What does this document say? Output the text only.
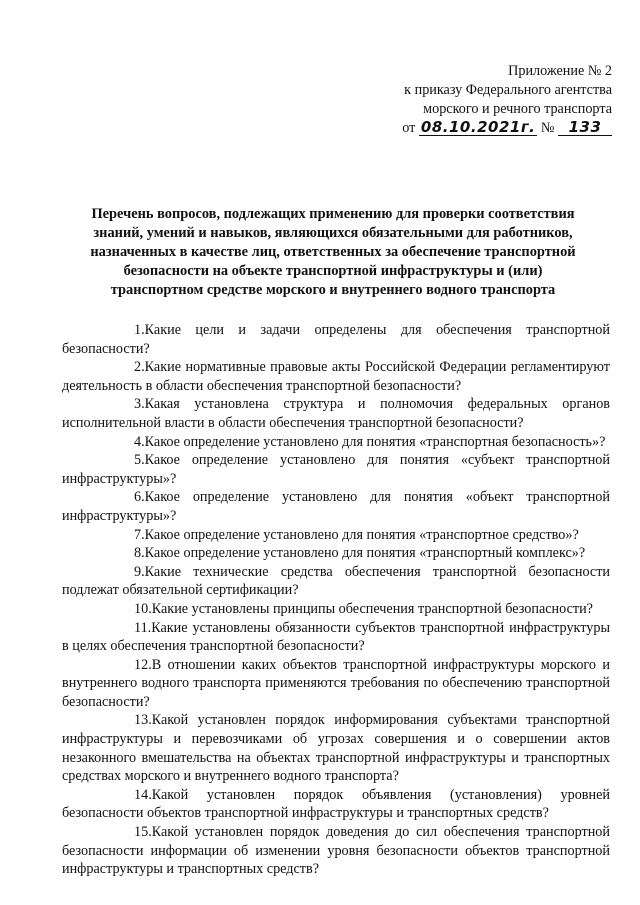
Приложение № 2
к приказу Федерального агентства
морского и речного транспорта
от 08.10.2021г. № 133
Перечень вопросов, подлежащих применению для проверки соответствия
знаний, умений и навыков, являющихся обязательными для работников,
назначенных в качестве лиц, ответственных за обеспечение транспортной
безопасности на объекте транспортной инфраструктуры и (или)
транспортном средстве морского и внутреннего водного транспорта

1.Какие цели и задачи определены для обеспечения транспортной безопасности?

2.Какие нормативные правовые акты Российской Федерации регламентируют деятельность в области обеспечения транспортной безопасности?

3.Какая установлена структура и полномочия федеральных органов исполнительной власти в области обеспечения транспортной безопасности?

4.Какое определение установлено для понятия «транспортная безопасность»?

5.Какое определение установлено для понятия «субъект транспортной инфраструктуры»?

6.Какое определение установлено для понятия «объект транспортной инфраструктуры»?

7.Какое определение установлено для понятия «транспортное средство»?

8.Какое определение установлено для понятия «транспортный комплекс»?

9.Какие технические средства обеспечения транспортной безопасности подлежат обязательной сертификации?

10.Какие установлены принципы обеспечения транспортной безопасности?

11.Какие установлены обязанности субъектов транспортной инфраструктуры в целях обеспечения транспортной безопасности?

12.В отношении каких объектов транспортной инфраструктуры морского и внутреннего водного транспорта применяются требования по обеспечению транспортной безопасности?

13.Какой установлен порядок информирования субъектами транспортной инфраструктуры и перевозчиками об угрозах совершения и о совершении актов незаконного вмешательства на объектах транспортной инфраструктуры и транспортных средствах морского и внутреннего водного транспорта?

14.Какой установлен порядок объявления (установления) уровней безопасности объектов транспортной инфраструктуры и транспортных средств?

15.Какой установлен порядок доведения до сил обеспечения транспортной безопасности информации об изменении уровня безопасности объектов транспортной инфраструктуры и транспортных средств?
